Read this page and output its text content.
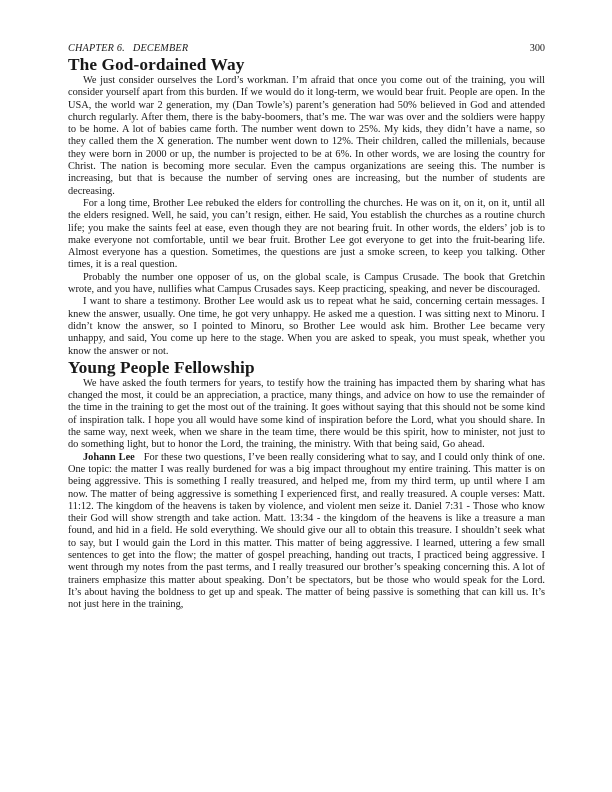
CHAPTER 6. DECEMBER	300
The God-ordained Way

We just consider ourselves the Lord’s workman. I’m afraid that once you come out of the training, you will consider yourself apart from this burden. If we would do it long-term, we would bear fruit. People are open. In the USA, the world war 2 generation, my (Dan Towle’s) parent’s generation had 50% believed in God and attended church regularly. After them, there is the baby-boomers, that’s me. The war was over and the soldiers were happy to be home. A lot of babies came forth. The number went down to 25%. My kids, they didn’t have a name, so they called them the X generation. The number went down to 12%. Their children, called the millenials, because they were born in 2000 or up, the number is projected to be at 6%. In other words, we are losing the country for Christ. The nation is becoming more secular. Even the campus organizations are seeing this. The number is increasing, but that is because the number of serving ones are increasing, but the number of students are decreasing.

For a long time, Brother Lee rebuked the elders for controlling the churches. He was on it, on it, on it, until all the elders resigned. Well, he said, you can’t resign, either. He said, You establish the churches as a routine church life; you make the saints feel at ease, even though they are not bearing fruit. In other words, the elders’ job is to make everyone not comfortable, until we bear fruit. Brother Lee got everyone to get into the fruit-bearing life. Almost everyone has a question. Sometimes, the questions are just a smoke screen, to keep you talking. Other times, it is a real question.

Probably the number one opposer of us, on the global scale, is Campus Crusade. The book that Gretchin wrote, and you have, nullifies what Campus Crusades says. Keep practicing, speaking, and never be discouraged.

I want to share a testimony. Brother Lee would ask us to repeat what he said, concerning certain messages. I knew the answer, usually. One time, he got very unhappy. He asked me a question. I was sitting next to Minoru. I didn’t know the answer, so I pointed to Minoru, so Brother Lee would ask him. Brother Lee became very unhappy, and said, You come up here to the stage. When you are asked to speak, you must speak, whether you know the answer or not.

Young People Fellowship

We have asked the fouth termers for years, to testify how the training has impacted them by sharing what has changed the most, it could be an appreciation, a practice, many things, and advice on how to use the remainder of the time in the training to get the most out of the training. It goes without saying that this should not be some kind of inspiration talk. I hope you all would have some kind of inspiration before the Lord, what you should share. In the same way, next week, when we share in the team time, there would be this spirit, how to minister, not just to do something light, but to honor the Lord, the training, the ministry. With that being said, Go ahead.

Johann Lee For these two questions, I’ve been really considering what to say, and I could only think of one. One topic: the matter I was really burdened for was a big impact throughout my entire training. This matter is on being aggressive. This is something I really treasured, and helped me, from my third term, up until where I am now. The matter of being aggressive is something I experienced first, and really treasured. A couple verses: Matt. 11:12. The kingdom of the heavens is taken by violence, and violent men seize it. Daniel 7:31 - Those who know their God will show strength and take action. Matt. 13:34 - the kingdom of the heavens is like a treasure a man found, and hid in a field. He sold everything. We should give our all to obtain this treasure. I shouldn’t seek what to say, but I would gain the Lord in this matter. This matter of being aggressive. I learned, uttering a few small sentences to get into the flow; the matter of gospel preaching, handing out tracts, I practiced being aggressive. I went through my notes from the past terms, and I really treasured our brother’s speaking concerning this. A lot of trainers emphasize this matter about speaking. Don’t be spectators, but be those who would speak for the Lord. It’s about having the boldness to get up and speak. The matter of being passive is something that can kill us. It’s not just here in the training,
